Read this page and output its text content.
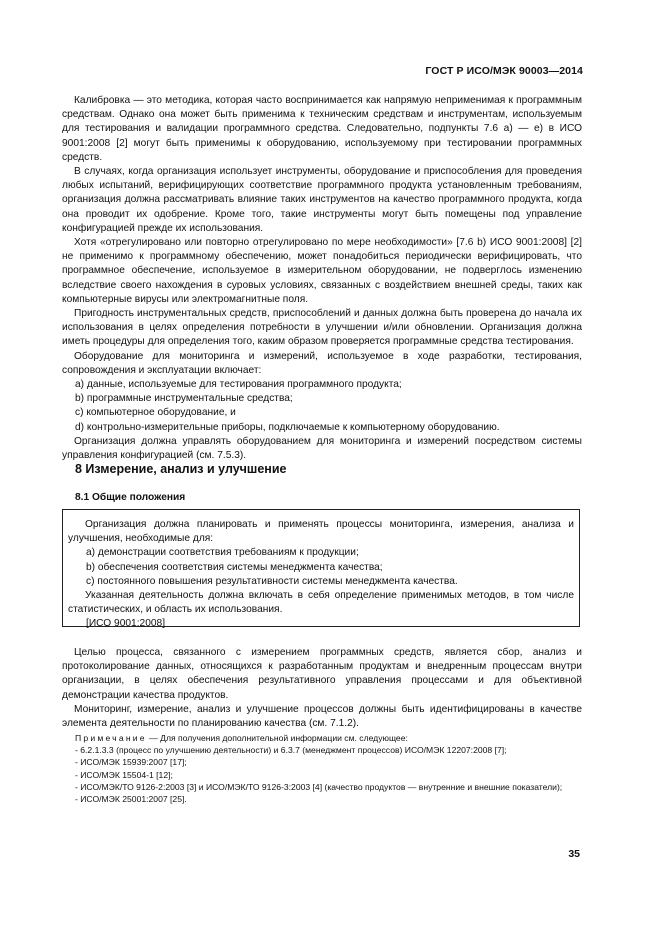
ГОСТ Р ИСО/МЭК 90003—2014

Калибровка — это методика, которая часто воспринимается как напрямую неприменимая к программным средствам. Однако она может быть применима к техническим средствам и инструментам, используемым для тестирования и валидации программного средства. Следовательно, подпункты 7.6 а) — е) в ИСО 9001:2008 [2] могут быть применимы к оборудованию, используемому при тестировании программных средств.

В случаях, когда организация использует инструменты, оборудование и приспособления для проведения любых испытаний, верифицирующих соответствие программного продукта установленным требованиям, организация должна рассматривать влияние таких инструментов на качество программного продукта, когда она проводит их одобрение. Кроме того, такие инструменты могут быть помещены под управление конфигурацией прежде их использования.

Хотя «отрегулировано или повторно отрегулировано по мере необходимости» [7.6 b) ИСО 9001:2008] [2] не применимо к программному обеспечению, может понадобиться периодически верифицировать, что программное обеспечение, используемое в измерительном оборудовании, не подверглось изменению вследствие своего нахождения в суровых условиях, связанных с воздействием внешней среды, таких как компьютерные вирусы или электромагнитные поля.

Пригодность инструментальных средств, приспособлений и данных должна быть проверена до начала их использования в целях определения потребности в улучшении и/или обновлении. Организация должна иметь процедуры для определения того, каким образом проверяется программные средства тестирования.

Оборудование для мониторинга и измерений, используемое в ходе разработки, тестирования, сопровождения и эксплуатации включает:

а) данные, используемые для тестирования программного продукта;

b) программные инструментальные средства;

c) компьютерное оборудование, и

d) контрольно-измерительные приборы, подключаемые к компьютерному оборудованию.

Организация должна управлять оборудованием для мониторинга и измерений посредством системы управления конфигурацией (см. 7.5.3).

8 Измерение, анализ и улучшение
8.1 Общие положения

Организация должна планировать и применять процессы мониторинга, измерения, анализа и улучшения, необходимые для:

а) демонстрации соответствия требованиям к продукции;

b) обеспечения соответствия системы менеджмента качества;

c) постоянного повышения результативности системы менеджмента качества.

Указанная деятельность должна включать в себя определение применимых методов, в том числе статистических, и область их использования.

[ИСО 9001:2008]

Целью процесса, связанного с измерением программных средств, является сбор, анализ и протоколирование данных, относящихся к разработанным продуктам и внедренным процессам внутри организации, в целях обеспечения результативного управления процессами и для объективной демонстрации качества продуктов.

Мониторинг, измерение, анализ и улучшение процессов должны быть идентифицированы в качестве элемента деятельности по планированию качества (см. 7.1.2).

Примечание — Для получения дополнительной информации см. следующее:

- 6.2.1.3.3 (процесс по улучшению деятельности) и 6.3.7 (менеджмент процессов) ИСО/МЭК 12207:2008 [7];

- ИСО/МЭК 15939:2007 [17];

- ИСО/МЭК 15504-1 [12];

- ИСО/МЭК/ТО 9126-2:2003 [3] и ИСО/МЭК/ТО 9126-3:2003 [4] (качество продуктов — внутренние и внешние показатели);

- ИСО/МЭК 25001:2007 [25].

35
